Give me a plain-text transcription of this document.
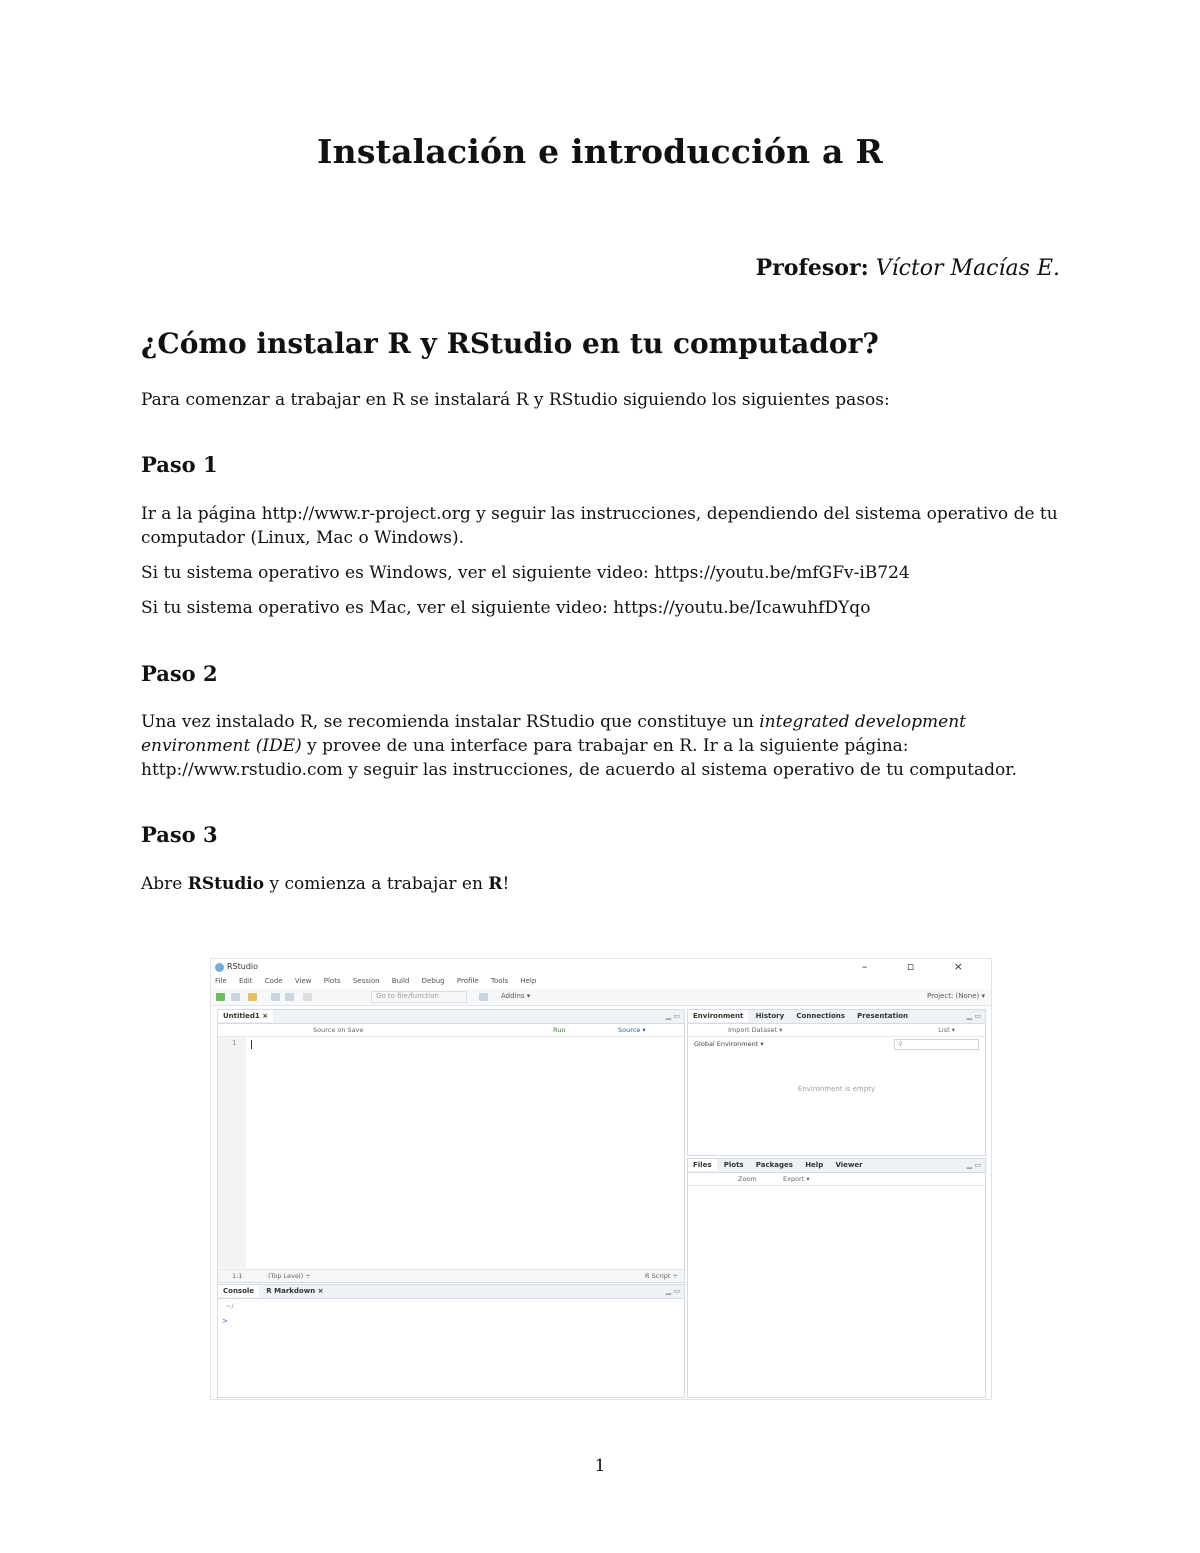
Instalación e introducción a R
Profesor: Víctor Macías E.
¿Cómo instalar R y RStudio en tu computador?
Para comenzar a trabajar en R se instalará R y RStudio siguiendo los siguientes pasos:
Paso 1
Ir a la página http://www.r-project.org y seguir las instrucciones, dependiendo del sistema operativo de tu computador (Linux, Mac o Windows).
Si tu sistema operativo es Windows, ver el siguiente video: https://youtu.be/mfGFv-iB724
Si tu sistema operativo es Mac, ver el siguiente video: https://youtu.be/IcawuhfDYqo
Paso 2
Una vez instalado R, se recomienda instalar RStudio que constituye un integrated development environment (IDE) y provee de una interface para trabajar en R. Ir a la siguiente página: http://www.rstudio.com y seguir las instrucciones, de acuerdo al sistema operativo de tu computador.
Paso 3
Abre RStudio y comienza a trabajar en R!
RStudio	– ▫ ×
File Edit Code View Plots Session Build Debug Profile Tools Help
Go to file/function	Addins ▾	Project: (None) ▾
Untitled1 ×	▁ ▭
Source on Save	Run	Source ▾
1
1:1	(Top Level) ÷	R Script ÷
Console R Markdown ×	▁ ▭
~/
>
Environment History Connections Presentation	▁ ▭
Import Dataset ▾	List ▾
Global Environment ▾	⚲
Environment is empty
Files Plots Packages Help Viewer	▁ ▭
Zoom	Export ▾
1
